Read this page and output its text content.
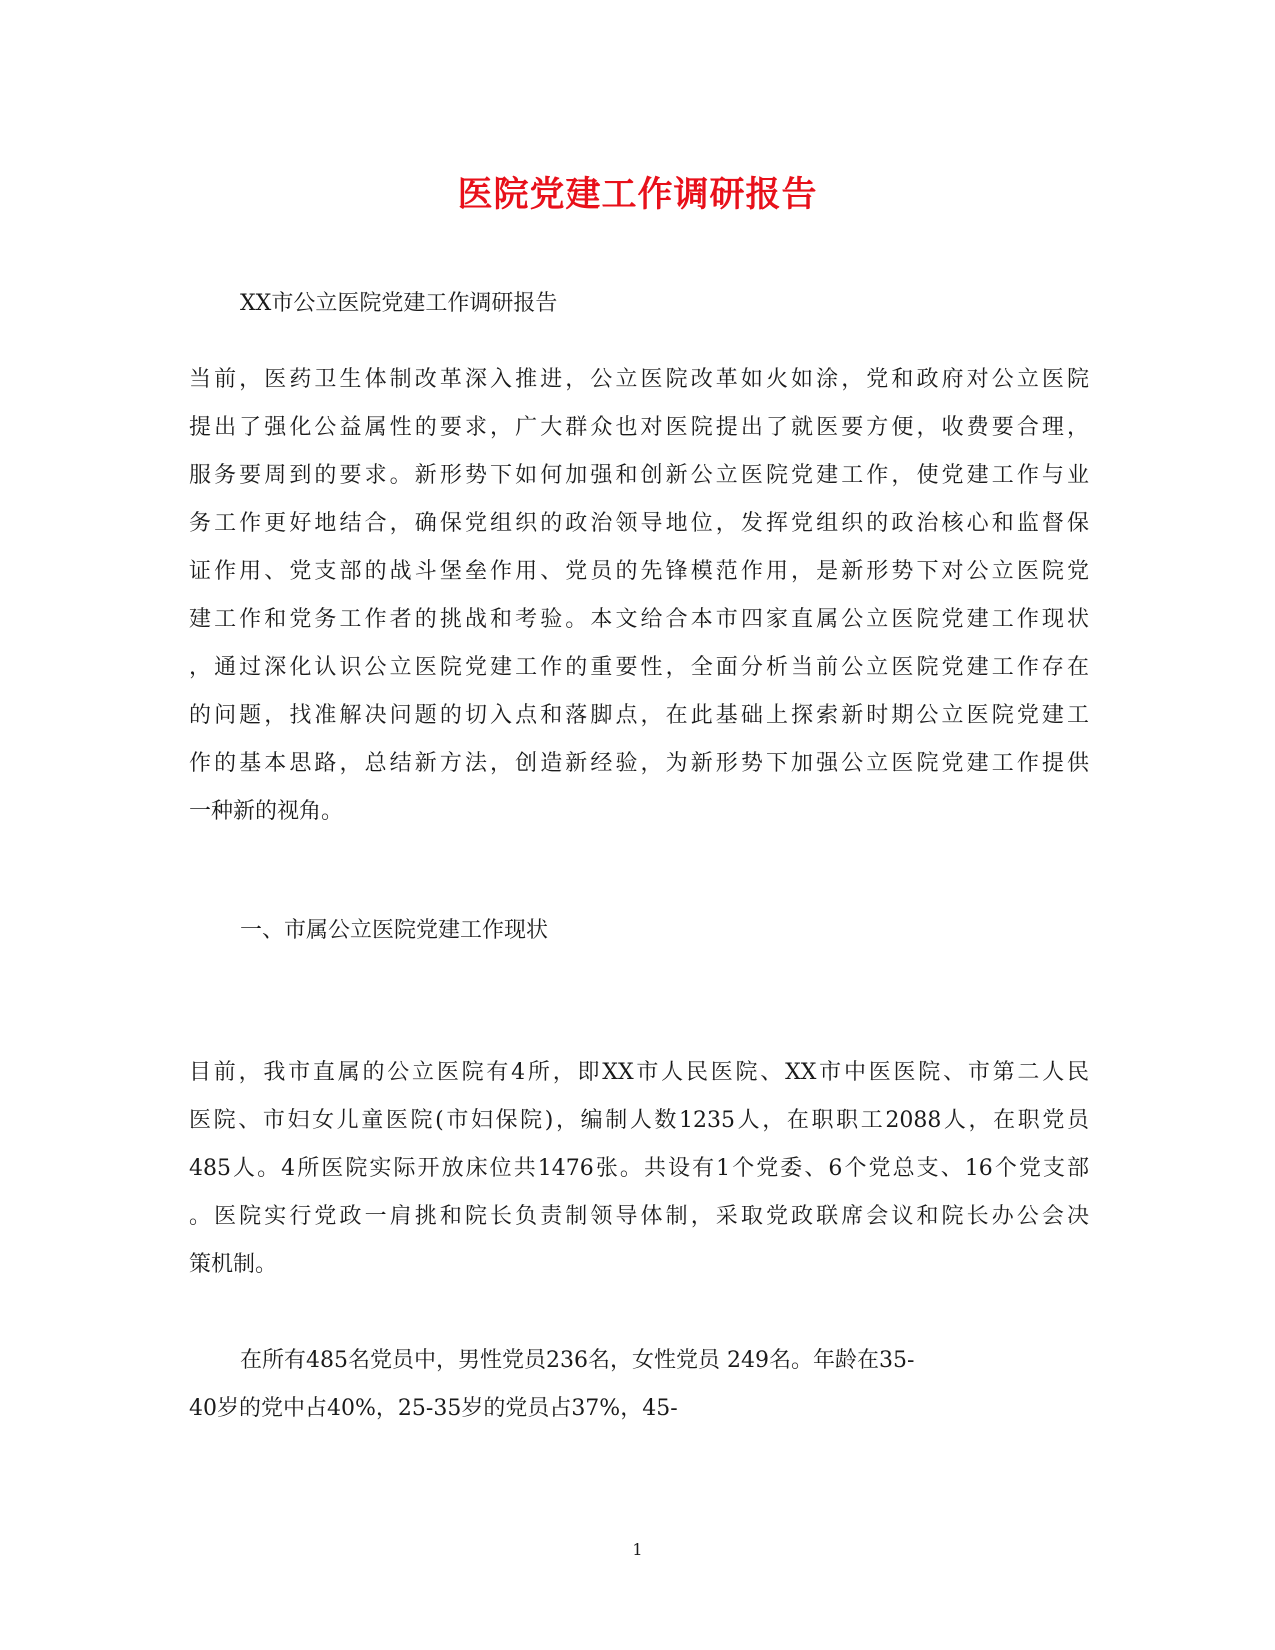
医院党建工作调研报告
XX市公立医院党建工作调研报告
当前，医药卫生体制改革深入推进，公立医院改革如火如涂，党和政府对公立医院
提出了强化公益属性的要求，广大群众也对医院提出了就医要方便，收费要合理，
服务要周到的要求。新形势下如何加强和创新公立医院党建工作，使党建工作与业
务工作更好地结合，确保党组织的政治领导地位，发挥党组织的政治核心和监督保
证作用、党支部的战斗堡垒作用、党员的先锋模范作用，是新形势下对公立医院党
建工作和党务工作者的挑战和考验。本文给合本市四家直属公立医院党建工作现状
，通过深化认识公立医院党建工作的重要性，全面分析当前公立医院党建工作存在
的问题，找准解决问题的切入点和落脚点，在此基础上探索新时期公立医院党建工
作的基本思路，总结新方法，创造新经验，为新形势下加强公立医院党建工作提供
一种新的视角。
一、市属公立医院党建工作现状
目前，我市直属的公立医院有4所，即XX市人民医院、XX市中医医院、市第二人民
医院、市妇女儿童医院(市妇保院)，编制人数1235人，在职职工2088人，在职党员
485人。4所医院实际开放床位共1476张。共设有1个党委、6个党总支、16个党支部
。医院实行党政一肩挑和院长负责制领导体制，采取党政联席会议和院长办公会决
策机制。
在所有485名党员中，男性党员236名，女性党员 249名。年龄在35-
40岁的党中占40%，25-35岁的党员占37%，45-
1
